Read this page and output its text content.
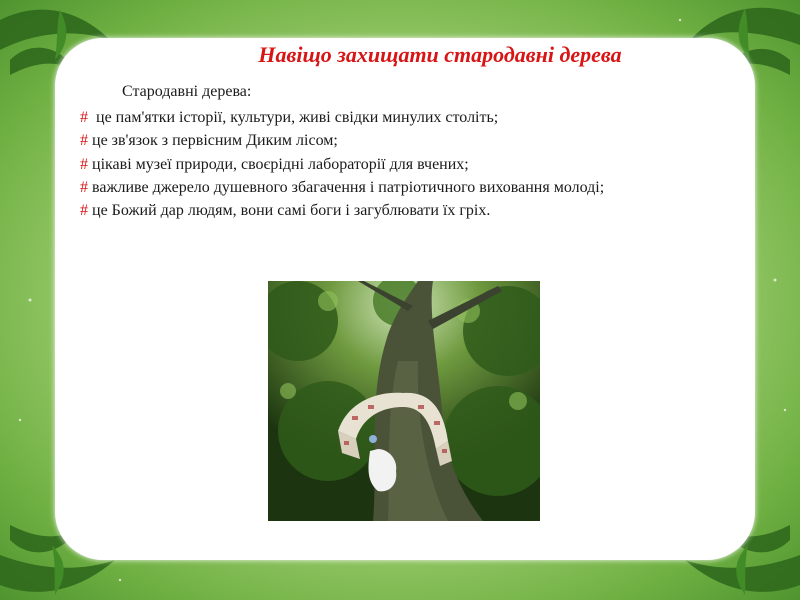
Навіщо захищати стародавні дерева
Стародавні дерева:

#  це пам'ятки історії, культури, живі свідки минулих століть;

# це зв'язок з первісним Диким лісом;

# цікаві музеї природи, своєрідні лабораторії для вчених;

# важливе джерело душевного збагачення і патріотичного виховання молоді;

# це Божий дар людям, вони самі боги і загублювати їх гріх.
